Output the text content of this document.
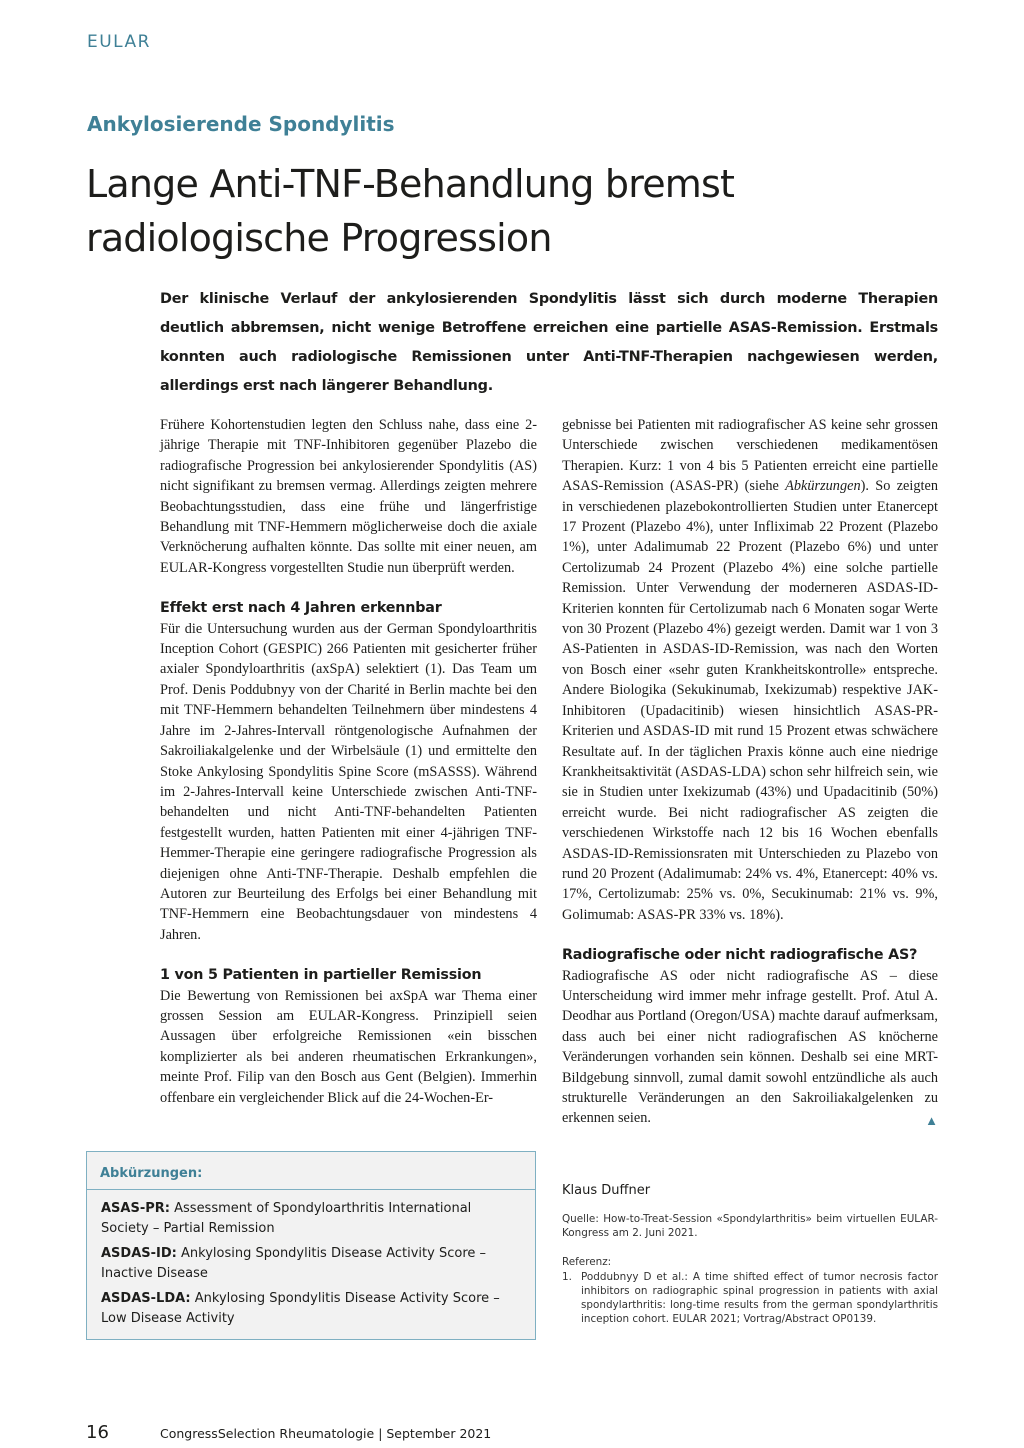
EULAR
Ankylosierende Spondylitis
Lange Anti-TNF-Behandlung bremst
radiologische Progression

Der klinische Verlauf der ankylosierenden Spondylitis lässt sich durch moderne Therapien deutlich abbremsen, nicht wenige Betroffene erreichen eine partielle ASAS-Remission. Erstmals konnten auch radiologische Remissionen unter Anti-TNF-Therapien nachgewiesen werden, allerdings erst nach längerer Behandlung.

Frühere Kohortenstudien legten den Schluss nahe, dass eine 2-jährige Therapie mit TNF-Inhibitoren gegenüber Plazebo die radiografische Progression bei ankylosierender Spondylitis (AS) nicht signifikant zu bremsen vermag. Allerdings zeigten mehrere Beobachtungsstudien, dass eine frühe und längerfristige Behandlung mit TNF-Hemmern möglicherweise doch die axiale Verknöcherung aufhalten könnte. Das sollte mit einer neuen, am EULAR-Kongress vorgestellten Studie nun überprüft werden.

Effekt erst nach 4 Jahren erkennbar

Für die Untersuchung wurden aus der German Spondyloarthritis Inception Cohort (GESPIC) 266 Patienten mit gesicherter früher axialer Spondyloarthritis (axSpA) selektiert (1). Das Team um Prof. Denis Poddubnyy von der Charité in Berlin machte bei den mit TNF-Hemmern behandelten Teilnehmern über mindestens 4 Jahre im 2-Jahres-Intervall röntgenologische Aufnahmen der Sakroiliakalgelenke und der Wirbelsäule (1) und ermittelte den Stoke Ankylosing Spondylitis Spine Score (mSASSS). Während im 2-Jahres-Intervall keine Unterschiede zwischen Anti-TNF-behandelten und nicht Anti-TNF-behandelten Patienten festgestellt wurden, hatten Patienten mit einer 4-jährigen TNF-Hemmer-Therapie eine geringere radiografische Progression als diejenigen ohne Anti-TNF-Therapie. Deshalb empfehlen die Autoren zur Beurteilung des Erfolgs bei einer Behandlung mit TNF-Hemmern eine Beobachtungsdauer von mindestens 4 Jahren.

1 von 5 Patienten in partieller Remission

Die Bewertung von Remissionen bei axSpA war Thema einer grossen Session am EULAR-Kongress. Prinzipiell seien Aussagen über erfolgreiche Remissionen «ein bisschen komplizierter als bei anderen rheumatischen Erkrankungen», meinte Prof. Filip van den Bosch aus Gent (Belgien). Immerhin offenbare ein vergleichender Blick auf die 24-Wochen-Er-

gebnisse bei Patienten mit radiografischer AS keine sehr grossen Unterschiede zwischen verschiedenen medikamentösen Therapien. Kurz: 1 von 4 bis 5 Patienten erreicht eine partielle ASAS-Remission (ASAS-PR) (siehe Abkürzungen). So zeigten in verschiedenen plazebokontrollierten Studien unter Etanercept 17 Prozent (Plazebo 4%), unter Infliximab 22 Prozent (Plazebo 1%), unter Adalimumab 22 Prozent (Plazebo 6%) und unter Certolizumab 24 Prozent (Plazebo 4%) eine solche partielle Remission. Unter Verwendung der moderneren ASDAS-ID-Kriterien konnten für Certolizumab nach 6 Monaten sogar Werte von 30 Prozent (Plazebo 4%) gezeigt werden. Damit war 1 von 3 AS-Patienten in ASDAS-ID-Remission, was nach den Worten von Bosch einer «sehr guten Krankheitskontrolle» entspreche. Andere Biologika (Sekukinumab, Ixekizumab) respektive JAK-Inhibitoren (Upadacitinib) wiesen hinsichtlich ASAS-PR-Kriterien und ASDAS-ID mit rund 15 Prozent etwas schwächere Resultate auf. In der täglichen Praxis könne auch eine niedrige Krankheitsaktivität (ASDAS-LDA) schon sehr hilfreich sein, wie sie in Studien unter Ixekizumab (43%) und Upadacitinib (50%) erreicht wurde. Bei nicht radiografischer AS zeigten die verschiedenen Wirkstoffe nach 12 bis 16 Wochen ebenfalls ASDAS-ID-Remissionsraten mit Unterschieden zu Plazebo von rund 20 Prozent (Adalimumab: 24% vs. 4%, Etanercept: 40% vs. 17%, Certolizumab: 25% vs. 0%, Secukinumab: 21% vs. 9%, Golimumab: ASAS-PR 33% vs. 18%).

Radiografische oder nicht radiografische AS?

Radiografische AS oder nicht radiografische AS – diese Unterscheidung wird immer mehr infrage gestellt. Prof. Atul A. Deodhar aus Portland (Oregon/USA) machte darauf aufmerksam, dass auch bei einer nicht radiografischen AS knöcherne Veränderungen vorhanden sein können. Deshalb sei eine MRT-Bildgebung sinnvoll, zumal damit sowohl entzündliche als auch strukturelle Veränderungen an den Sakroiliakalgelenken zu erkennen seien.	▲

Abkürzungen:
ASAS-PR: Assessment of Spondyloarthritis International Society – Partial Remission
ASDAS-ID: Ankylosing Spondylitis Disease Activity Score – Inactive Disease
ASDAS-LDA: Ankylosing Spondylitis Disease Activity Score – Low Disease Activity
Klaus Duffner
Quelle: How-to-Treat-Session «Spondylarthritis» beim virtuellen EULAR-Kongress am 2. Juni 2021.
Referenz:
1. Poddubnyy D et al.: A time shifted effect of tumor necrosis factor inhibitors on radiographic spinal progression in patients with axial spondylarthritis: long-time results from the german spondylarthritis inception cohort. EULAR 2021; Vortrag/Abstract OP0139.
16	CongressSelection Rheumatologie | September 2021
